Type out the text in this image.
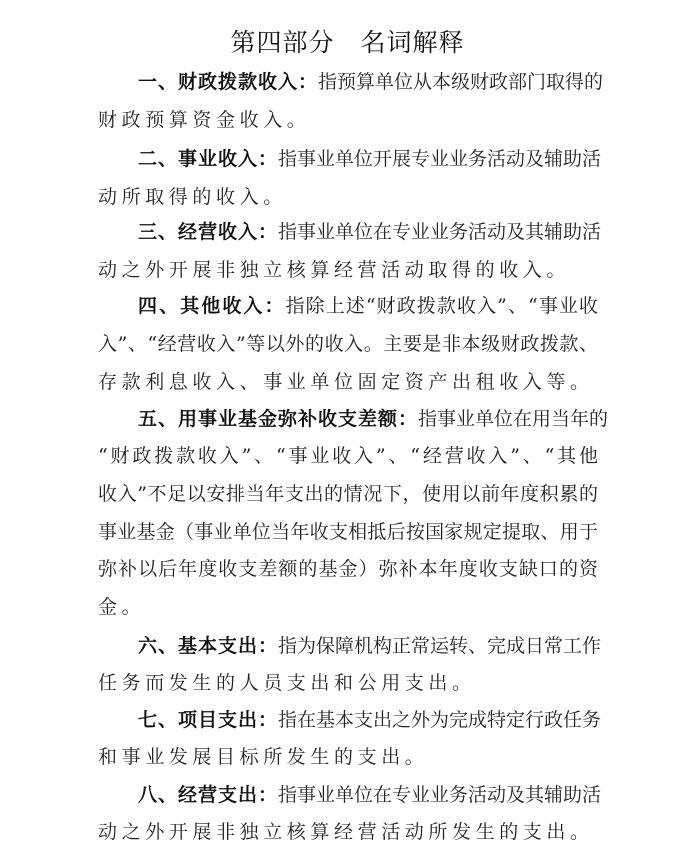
第四部分 名词解释
一、财政拨款收入：指预算单位从本级财政部门取得的
财政预算资金收入。
二、事业收入：指事业单位开展专业业务活动及辅助活
动所取得的收入。
三、经营收入：指事业单位在专业业务活动及其辅助活
动之外开展非独立核算经营活动取得的收入。
四、其他收入：指除上述“财政拨款收入”、“事业收
入”、“经营收入”等以外的收入。主要是非本级财政拨款、
存款利息收入、事业单位固定资产出租收入等。
五、用事业基金弥补收支差额：指事业单位在用当年的
“财政拨款收入”、“事业收入”、“经营收入”、“其他
收入”不足以安排当年支出的情况下，使用以前年度积累的
事业基金（事业单位当年收支相抵后按国家规定提取、用于
弥补以后年度收支差额的基金）弥补本年度收支缺口的资
金。
六、基本支出：指为保障机构正常运转、完成日常工作
任务而发生的人员支出和公用支出。
七、项目支出：指在基本支出之外为完成特定行政任务
和事业发展目标所发生的支出。
八、经营支出：指事业单位在专业业务活动及其辅助活
动之外开展非独立核算经营活动所发生的支出。
